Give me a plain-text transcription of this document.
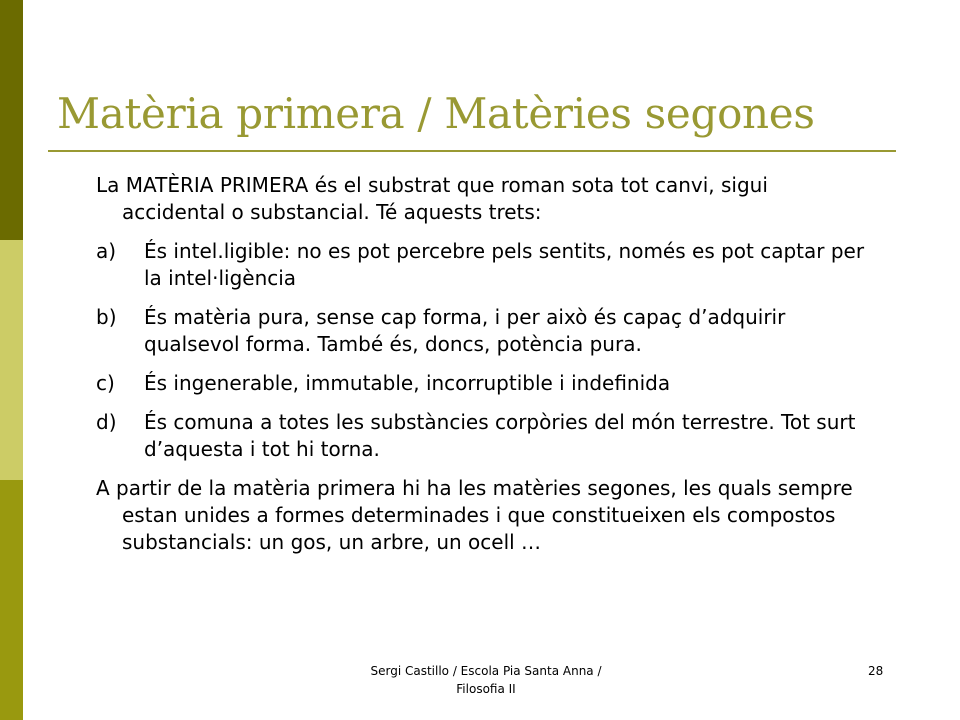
Matèria primera / Matèries segones

La MATÈRIA PRIMERA és el substrat que roman sota tot canvi, sigui accidental o substancial. Té aquests trets:

a)	És intel.ligible: no es pot percebre pels sentits, només es pot captar per la intel·ligència
b)	És matèria pura, sense cap forma, i per això és capaç d’adquirir qualsevol forma. També és, doncs, potència pura.
c)	És ingenerable, immutable, incorruptible i indefinida
d)	És comuna a totes les substàncies corpòries del món terrestre. Tot surt d’aquesta i tot hi torna.

A partir de la matèria primera hi ha les matèries segones, les quals sempre estan unides a formes determinades i que constitueixen els compostos substancials: un gos, un arbre, un ocell …

Sergi Castillo / Escola Pia Santa Anna /
Filosofia II
28
